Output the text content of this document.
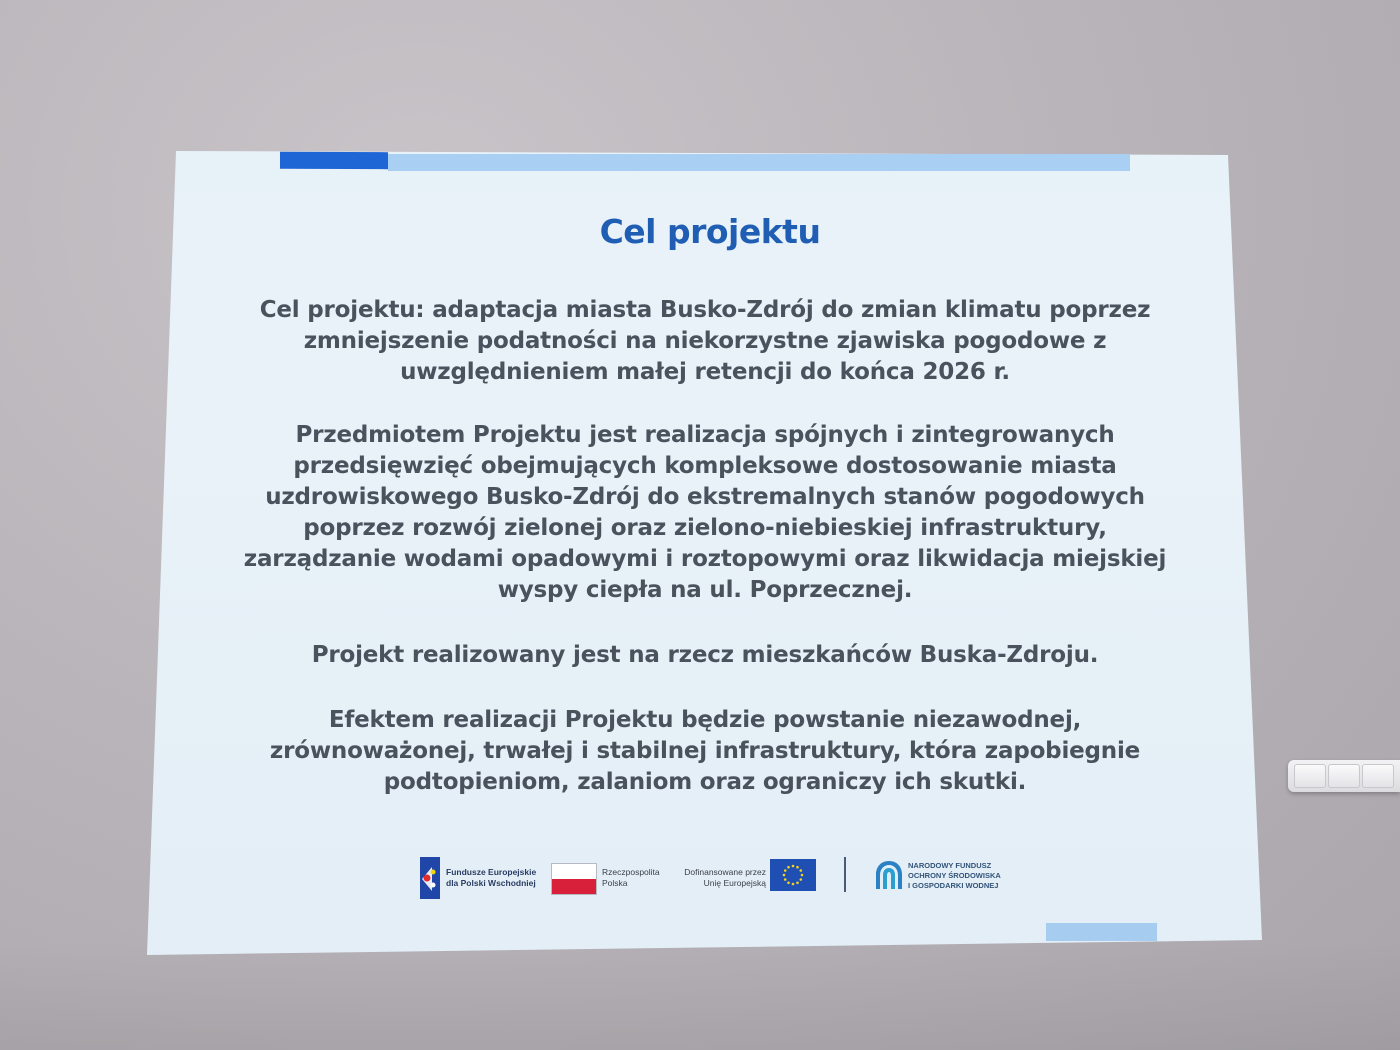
Cel projektu

Cel projektu: adaptacja miasta Busko-Zdrój do zmian klimatu poprzez
zmniejszenie podatności na niekorzystne zjawiska pogodowe z
uwzględnieniem małej retencji do końca 2026 r.

Przedmiotem Projektu jest realizacja spójnych i zintegrowanych
przedsięwzięć obejmujących kompleksowe dostosowanie miasta
uzdrowiskowego Busko-Zdrój do ekstremalnych stanów pogodowych
poprzez rozwój zielonej oraz zielono-niebieskiej infrastruktury,
zarządzanie wodami opadowymi i roztopowymi oraz likwidacja miejskiej
wyspy ciepła na ul. Poprzecznej.

Projekt realizowany jest na rzecz mieszkańców Buska-Zdroju.

Efektem realizacji Projektu będzie powstanie niezawodnej,
zrównoważonej, trwałej i stabilnej infrastruktury, która zapobiegnie
podtopieniom, zalaniom oraz ograniczy ich skutki.

Fundusze Europejskie
dla Polski Wschodniej
Rzeczpospolita
Polska
Dofinansowane przez
Unię Europejską
NARODOWY FUNDUSZ
OCHRONY ŚRODOWISKA
I GOSPODARKI WODNEJ
